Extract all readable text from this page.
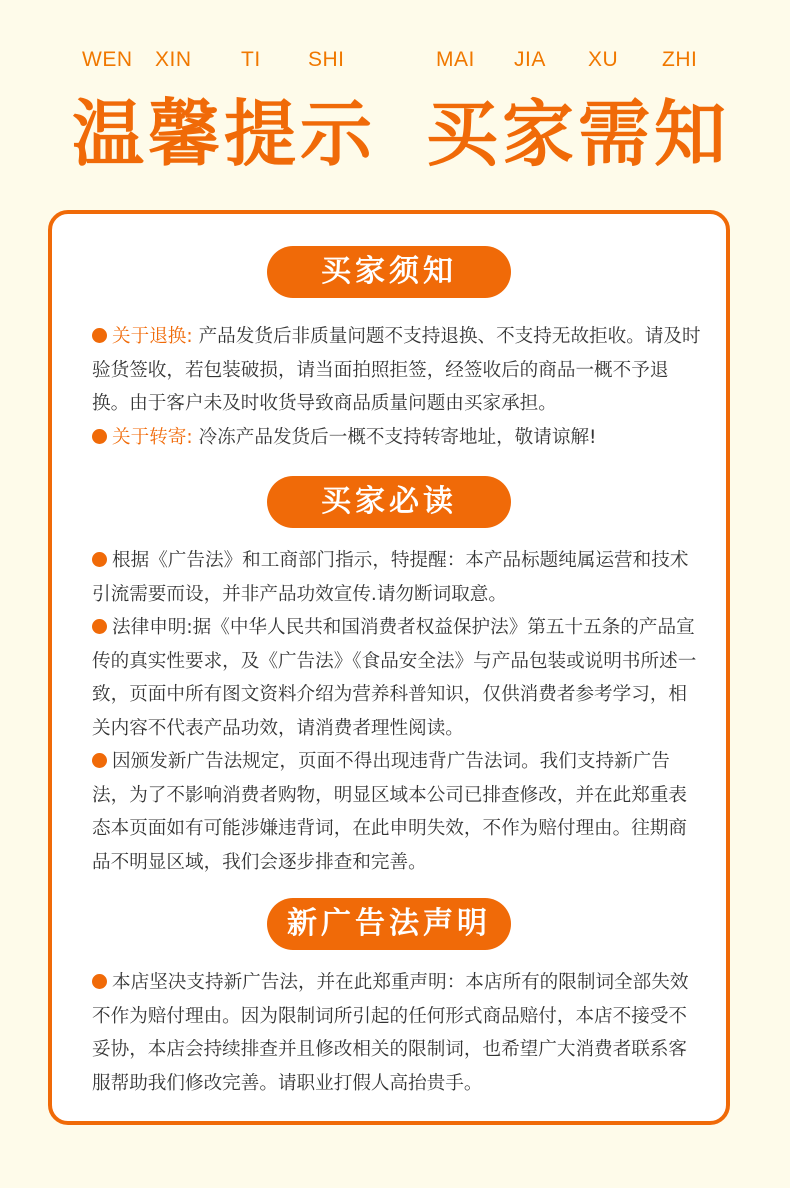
WEN XIN TI SHI	MAI JIA XU ZHI
温馨提示 买家需知
买家须知

关于退换: 产品发货后非质量问题不支持退换、不支持无故拒收。请及时验货签收，若包装破损，请当面拍照拒签，经签收后的商品一概不予退换。由于客户未及时收货导致商品质量问题由买家承担。

关于转寄: 冷冻产品发货后一概不支持转寄地址，敬请谅解!

买家必读

根据《广告法》和工商部门指示，特提醒：本产品标题纯属运营和技术引流需要而设，并非产品功效宣传.请勿断词取意。

法律申明:据《中华人民共和国消费者权益保护法》第五十五条的产品宣传的真实性要求，及《广告法》《食品安全法》与产品包装或说明书所述一致，页面中所有图文资料介绍为营养科普知识，仅供消费者参考学习，相关内容不代表产品功效，请消费者理性阅读。

因颁发新广告法规定，页面不得出现违背广告法词。我们支持新广告法，为了不影响消费者购物，明显区域本公司已排查修改，并在此郑重表态本页面如有可能涉嫌违背词，在此申明失效，不作为赔付理由。往期商品不明显区域，我们会逐步排查和完善。

新广告法声明

本店坚决支持新广告法，并在此郑重声明：本店所有的限制词全部失效不作为赔付理由。因为限制词所引起的任何形式商品赔付，本店不接受不妥协，本店会持续排查并且修改相关的限制词，也希望广大消费者联系客服帮助我们修改完善。请职业打假人高抬贵手。
